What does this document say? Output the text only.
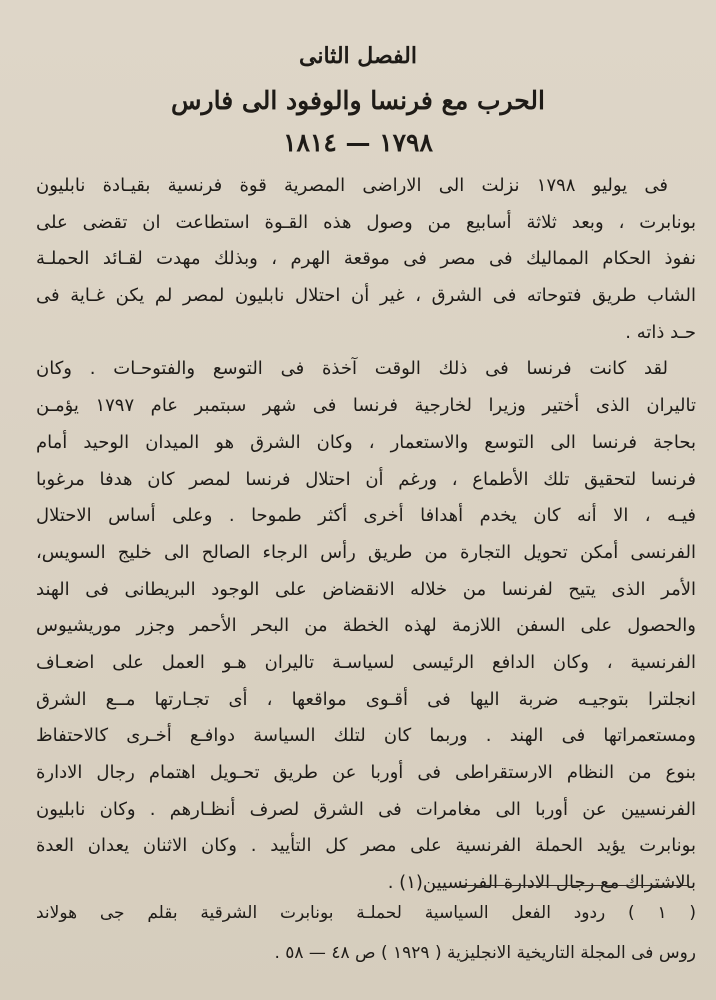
الفصل الثانى
الحرب مع فرنسا والوفود الى فارس
١٧٩٨ — ١٨١٤
فى يوليو ١٧٩٨ نزلت الى الاراضى المصرية قوة فرنسية بقيـادة نابليون
بونابرت ، وبعد ثلاثة أسابيع من وصول هذه القـوة استطاعت ان تقضى على
نفوذ الحكام المماليك فى مصر فى موقعة الهرم ، وبذلك مهدت لقـائد الحملـة
الشاب طريق فتوحاته فى الشرق ، غير أن احتلال نابليون لمصر لم يكن غـاية فى
حـد ذاته .
لقد كانت فرنسا فى ذلك الوقت آخذة فى التوسع والفتوحـات . وكان
تاليران الذى أختير وزيرا لخارجية فرنسا فى شهر سبتمبر عام ١٧٩٧ يؤمـن
بحاجة فرنسا الى التوسع والاستعمار ، وكان الشرق هو الميدان الوحيد أمام
فرنسا لتحقيق تلك الأطماع ، ورغم أن احتلال فرنسا لمصر كان هدفا مرغوبا
فيـه ، الا أنه كان يخدم أهدافا أخرى أكثر طموحا . وعلى أساس الاحتلال
الفرنسى أمكن تحويل التجارة من طريق رأس الرجاء الصالح الى خليج السويس،
الأمر الذى يتيح لفرنسا من خلاله الانقضاض على الوجود البريطانى فى الهند
والحصول على السفن اللازمة لهذه الخطة من البحر الأحمر وجزر موريشيوس
الفرنسية ، وكان الدافع الرئيسى لسياسـة تاليران هـو العمل على اضعـاف
انجلترا بتوجيـه ضربة اليها فى أقـوى مواقعها ، أى تجـارتها مــع الشرق
ومستعمراتها فى الهند . وربما كان لتلك السياسة دوافـع أخـرى كالاحتفاظ
بنوع من النظام الارستقراطى فى أوربا عن طريق تحـويل اهتمام رجال الادارة
الفرنسيين عن أوربا الى مغامرات فى الشرق لصرف أنظـارهم . وكان نابليون
بونابرت يؤيد الحملة الفرنسية على مصر كل التأييد . وكان الاثنان يعدان العدة
بالاشتراك مع رجال الادارة الفرنسيين(١) .
( ١ ) ردود الفعل السياسية لحملـة بونابرت الشرقية بقلم جى هولاند
روس فى المجلة التاريخية الانجليزية ( ١٩٢٩ ) ص ٤٨ — ٥٨ .
